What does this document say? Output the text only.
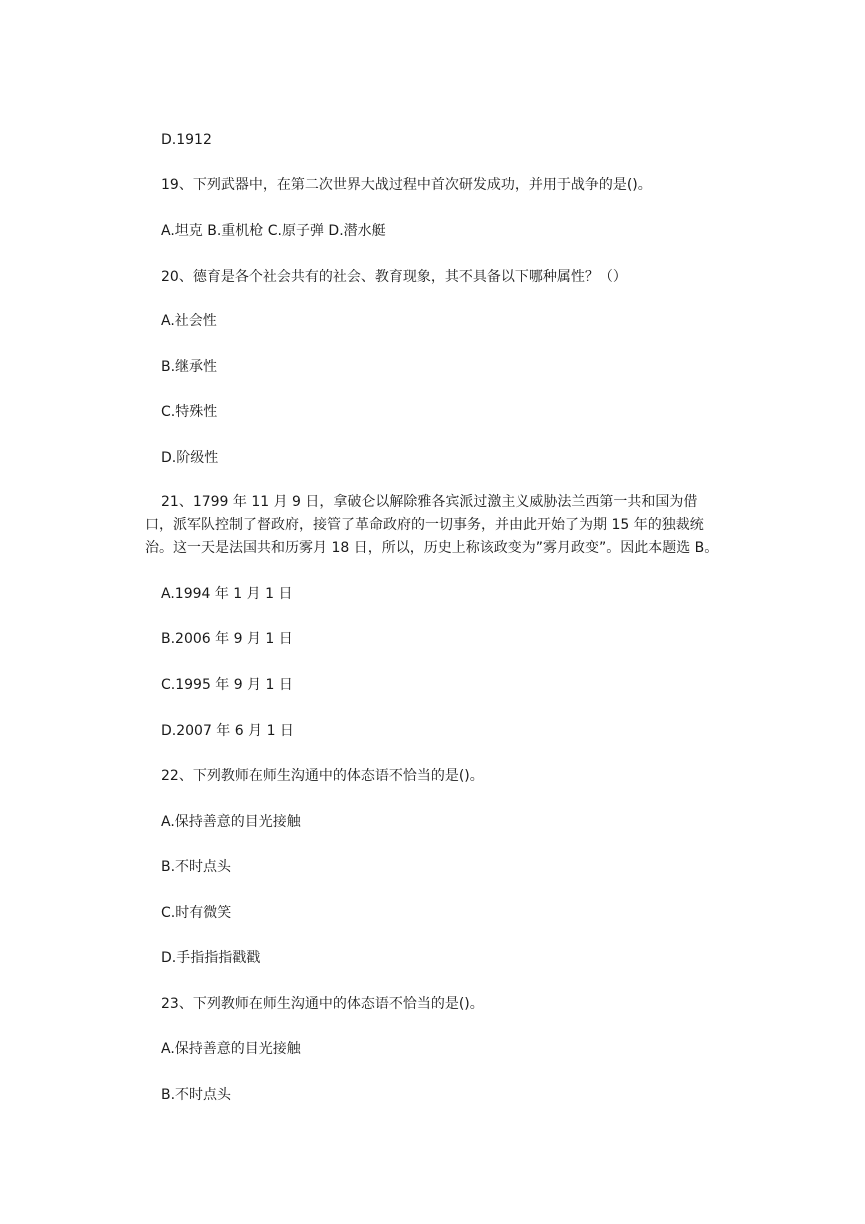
D.1912
19、下列武器中，在第二次世界大战过程中首次研发成功，并用于战争的是()。
A.坦克 B.重机枪 C.原子弹 D.潜水艇
20、德育是各个社会共有的社会、教育现象，其不具备以下哪种属性？（）
A.社会性
B.继承性
C.特殊性
D.阶级性
21、1799 年 11 月 9 日，拿破仑以解除雅各宾派过激主义威胁法兰西第一共和国为借
口，派军队控制了督政府，接管了革命政府的一切事务，并由此开始了为期 15 年的独裁统
治。这一天是法国共和历雾月 18 日，所以，历史上称该政变为”雾月政变”。因此本题选 B。
A.1994 年 1 月 1 日
B.2006 年 9 月 1 日
C.1995 年 9 月 1 日
D.2007 年 6 月 1 日
22、下列教师在师生沟通中的体态语不恰当的是()。
A.保持善意的目光接触
B.不时点头
C.时有微笑
D.手指指指戳戳
23、下列教师在师生沟通中的体态语不恰当的是()。
A.保持善意的目光接触
B.不时点头
